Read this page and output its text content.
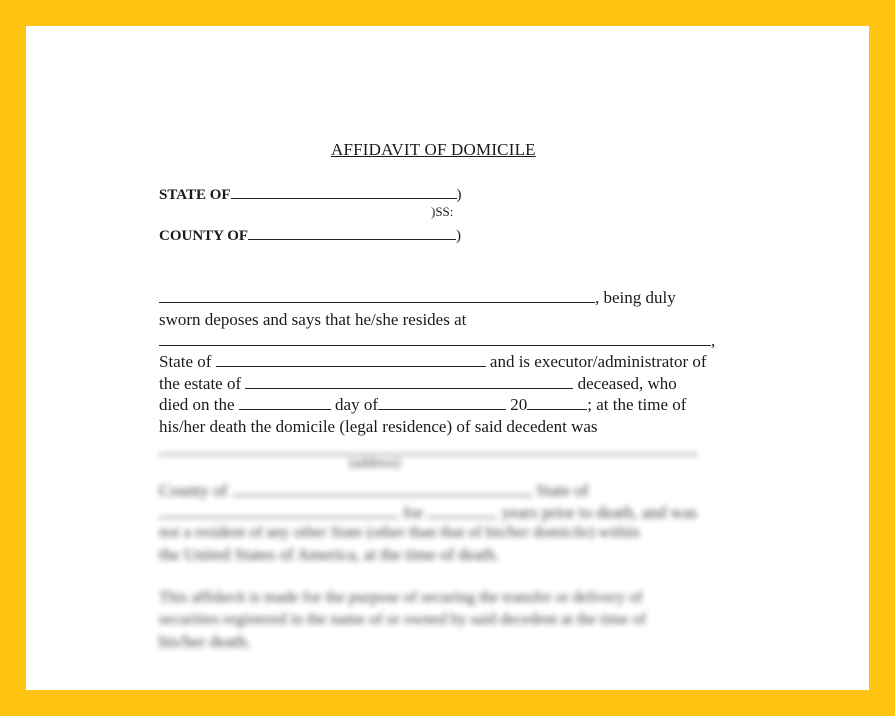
AFFIDAVIT OF DOMICILE
STATE OF	)
)SS:
COUNTY OF	)
, being duly
sworn deposes and says that he/she resides at
,
State of	and is executor/administrator of
the estate of	deceased, who
died on the	day of	20	; at the time of
his/her death the domicile (legal residence) of said decedent was
,
(address)
County of	, State of
for	years prior to death, and was
not a resident of any other State (other than that of his/her domicile) within
the United States of America, at the time of death.
This affidavit is made for the purpose of securing the transfer or delivery of
securities registered in the name of or owned by said decedent at the time of
his/her death.
